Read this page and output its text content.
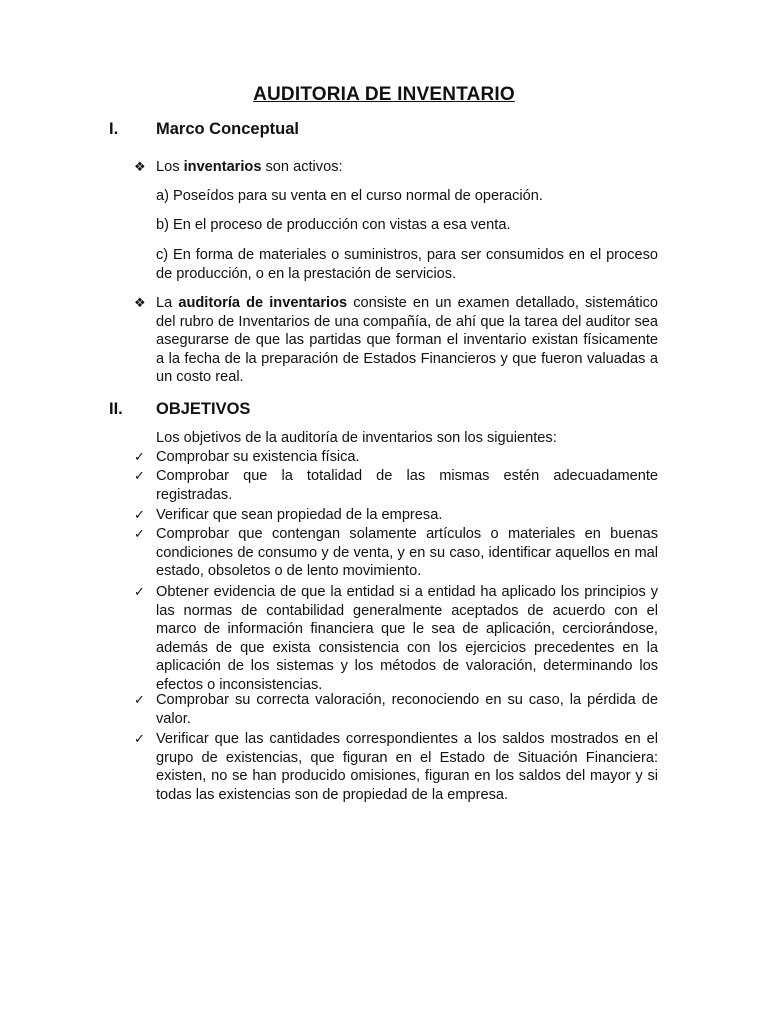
AUDITORIA DE INVENTARIO
I. Marco Conceptual
❖ Los inventarios son activos:
a) Poseídos para su venta en el curso normal de operación.
b) En el proceso de producción con vistas a esa venta.
c) En forma de materiales o suministros, para ser consumidos en el proceso de producción, o en la prestación de servicios.
❖ La auditoría de inventarios consiste en un examen detallado, sistemático del rubro de Inventarios de una compañía, de ahí que la tarea del auditor sea asegurarse de que las partidas que forman el inventario existan físicamente a la fecha de la preparación de Estados Financieros y que fueron valuadas a un costo real.
II. OBJETIVOS
Los objetivos de la auditoría de inventarios son los siguientes:
✓ Comprobar su existencia física.
✓ Comprobar que la totalidad de las mismas estén adecuadamente registradas.
✓ Verificar que sean propiedad de la empresa.
✓ Comprobar que contengan solamente artículos o materiales en buenas condiciones de consumo y de venta, y en su caso, identificar aquellos en mal estado, obsoletos o de lento movimiento.
✓ Obtener evidencia de que la entidad si a entidad ha aplicado los principios y las normas de contabilidad generalmente aceptados de acuerdo con el marco de información financiera que le sea de aplicación, cerciorándose, además de que exista consistencia con los ejercicios precedentes en la aplicación de los sistemas y los métodos de valoración, determinando los efectos o inconsistencias.
✓ Comprobar su correcta valoración, reconociendo en su caso, la pérdida de valor.
✓ Verificar que las cantidades correspondientes a los saldos mostrados en el grupo de existencias, que figuran en el Estado de Situación Financiera: existen, no se han producido omisiones, figuran en los saldos del mayor y si todas las existencias son de propiedad de la empresa.
